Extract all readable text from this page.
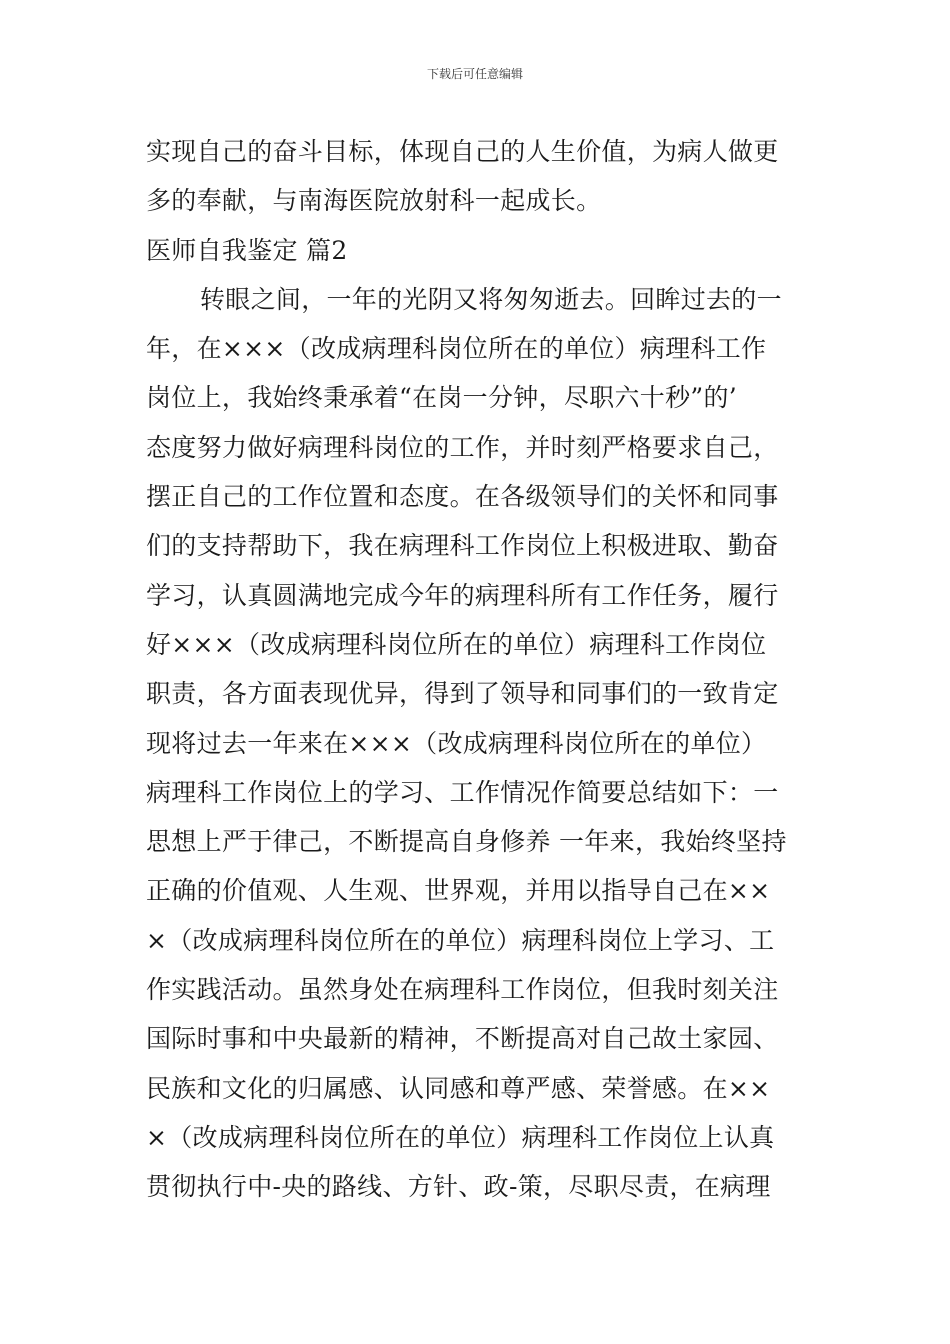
下载后可任意编辑
实现自己的奋斗目标，体现自己的人生价值，为病人做更
多的奉献，与南海医院放射科一起成长。
医师自我鉴定 篇2
转眼之间，一年的光阴又将匆匆逝去。回眸过去的一
年，在×××（改成病理科岗位所在的单位）病理科工作
岗位上，我始终秉承着“在岗一分钟，尽职六十秒”的’
态度努力做好病理科岗位的工作，并时刻严格要求自己，
摆正自己的工作位置和态度。在各级领导们的关怀和同事
们的支持帮助下，我在病理科工作岗位上积极进取、勤奋
学习，认真圆满地完成今年的病理科所有工作任务，履行
好×××（改成病理科岗位所在的单位）病理科工作岗位
职责，各方面表现优异，得到了领导和同事们的一致肯定
现将过去一年来在×××（改成病理科岗位所在的单位）
病理科工作岗位上的学习、工作情况作简要总结如下：一
思想上严于律己，不断提高自身修养 一年来，我始终坚持
正确的价值观、人生观、世界观，并用以指导自己在××
×（改成病理科岗位所在的单位）病理科岗位上学习、工
作实践活动。虽然身处在病理科工作岗位，但我时刻关注
国际时事和中央最新的精神，不断提高对自己故土家园、
民族和文化的归属感、认同感和尊严感、荣誉感。在××
×（改成病理科岗位所在的单位）病理科工作岗位上认真
贯彻执行中-央的路线、方针、政-策，尽职尽责，在病理
